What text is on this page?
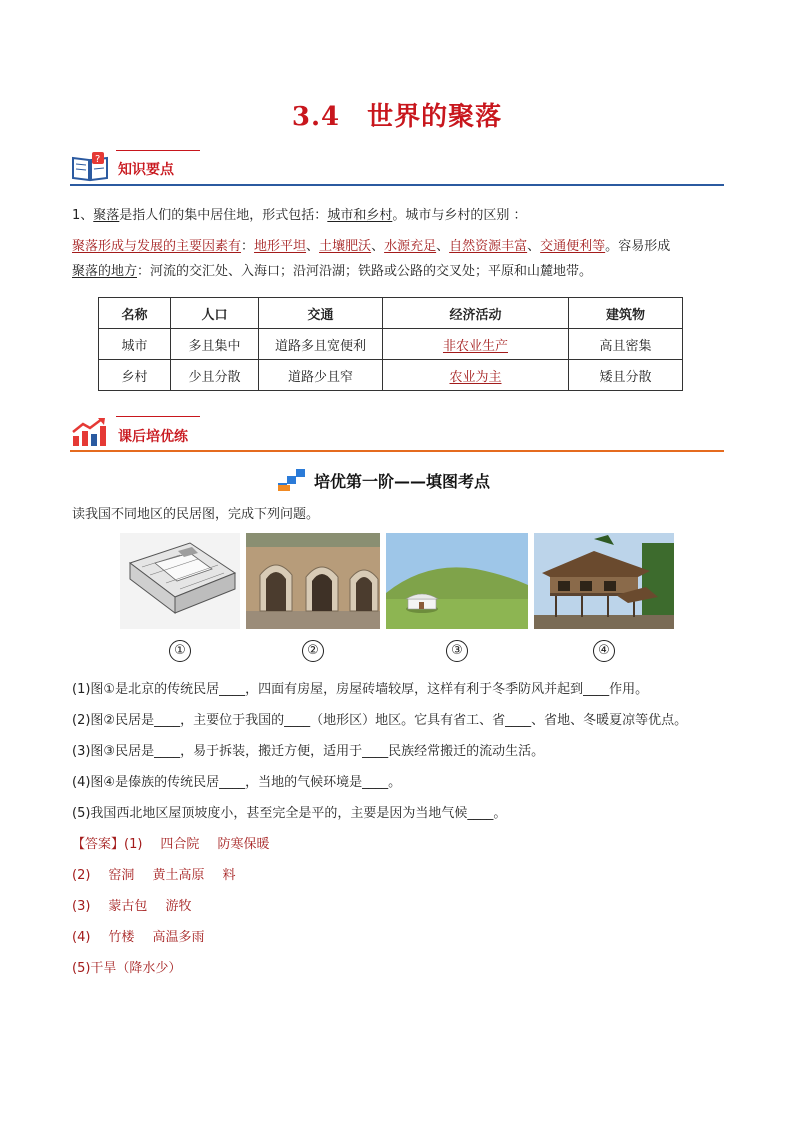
3.4　世界的聚落
?
知识要点
1、聚落是指人们的集中居住地，形式包括：城市和乡村。城市与乡村的区别 ：
聚落形成与发展的主要因素有：地形平坦、土壤肥沃、水源充足、自然资源丰富、交通便利等。容易形成
聚落的地方：河流的交汇处、入海口；沿河沿湖；铁路或公路的交叉处；平原和山麓地带。
名称	人口	交通	经济活动	建筑物
城市	多且集中	道路多且宽便利	非农业生产	高且密集
乡村	少且分散	道路少且窄	农业为主	矮且分散
课后培优练
培优第一阶——填图考点
读我国不同地区的民居图，完成下列问题。
①	②	③	④
(1)图①是北京的传统民居____，四面有房屋，房屋砖墙较厚，这样有利于冬季防风并起到____作用。
(2)图②民居是____，主要位于我国的____（地形区）地区。它具有省工、省____、省地、冬暖夏凉等优点。
(3)图③民居是____，易于拆装，搬迁方便，适用于____民族经常搬迁的流动生活。
(4)图④是傣族的传统民居____，当地的气候环境是____。
(5)我国西北地区屋顶坡度小，甚至完全是平的，主要是因为当地气候____。
【答案】(1) 四合院 防寒保暖
(2) 窑洞 黄土高原 料
(3) 蒙古包 游牧
(4) 竹楼 高温多雨
(5)干旱（降水少）
